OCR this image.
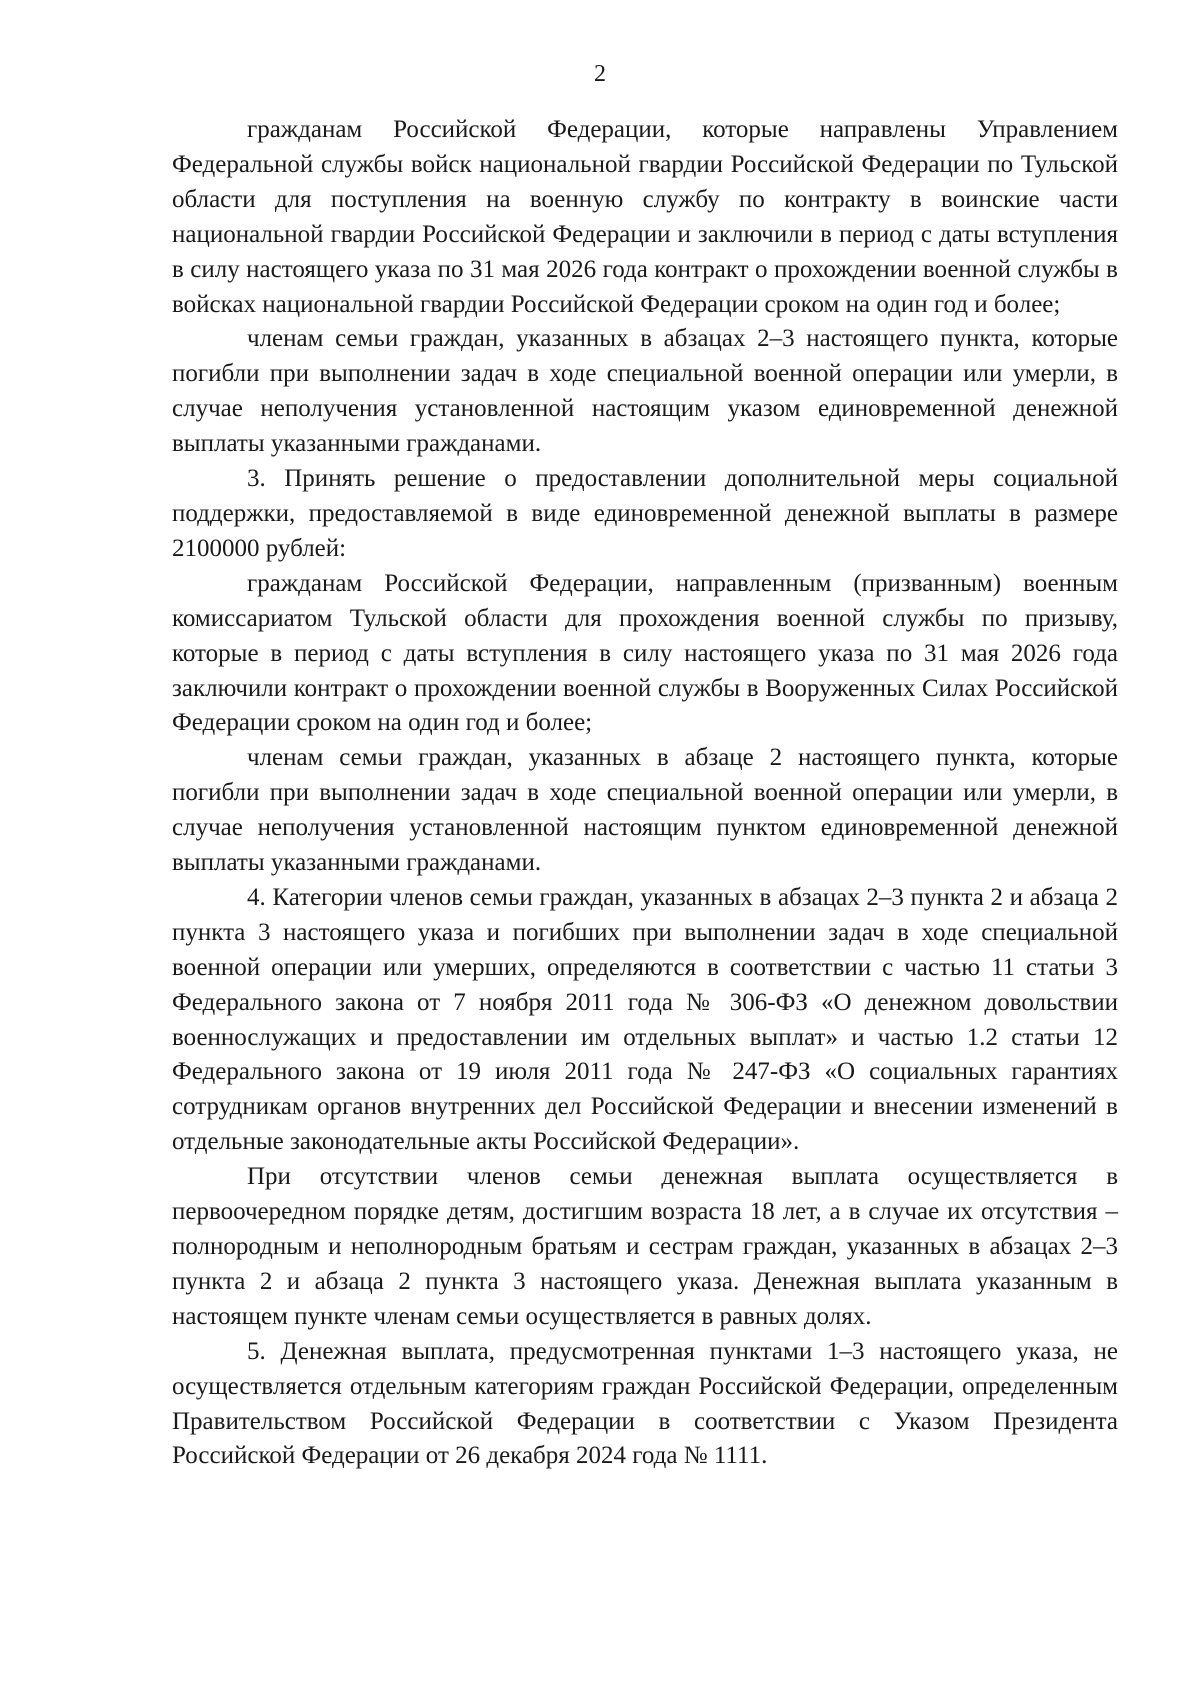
2

гражданам Российской Федерации, которые направлены Управлением Федеральной службы войск национальной гвардии Российской Федерации по Тульской области для поступления на военную службу по контракту в воинские части национальной гвардии Российской Федерации и заключили в период с даты вступления в силу настоящего указа по 31 мая 2026 года контракт о прохождении военной службы в войсках национальной гвардии Российской Федерации сроком на один год и более;

членам семьи граждан, указанных в абзацах 2–3 настоящего пункта, которые погибли при выполнении задач в ходе специальной военной операции или умерли, в случае неполучения установленной настоящим указом единовременной денежной выплаты указанными гражданами.

3. Принять решение о предоставлении дополнительной меры социальной поддержки, предоставляемой в виде единовременной денежной выплаты в размере 2100000 рублей:

гражданам Российской Федерации, направленным (призванным) военным комиссариатом Тульской области для прохождения военной службы по призыву, которые в период с даты вступления в силу настоящего указа по 31 мая 2026 года заключили контракт о прохождении военной службы в Вооруженных Силах Российской Федерации сроком на один год и более;

членам семьи граждан, указанных в абзаце 2 настоящего пункта, которые погибли при выполнении задач в ходе специальной военной операции или умерли, в случае неполучения установленной настоящим пунктом единовременной денежной выплаты указанными гражданами.

4. Категории членов семьи граждан, указанных в абзацах 2–3 пункта 2 и абзаца 2 пункта 3 настоящего указа и погибших при выполнении задач в ходе специальной военной операции или умерших, определяются в соответствии с частью 11 статьи 3 Федерального закона от 7 ноября 2011 года № 306-ФЗ «О денежном довольствии военнослужащих и предоставлении им отдельных выплат» и частью 1.2 статьи 12 Федерального закона от 19 июля 2011 года № 247-ФЗ «О социальных гарантиях сотрудникам органов внутренних дел Российской Федерации и внесении изменений в отдельные законодательные акты Российской Федерации».

При отсутствии членов семьи денежная выплата осуществляется в первоочередном порядке детям, достигшим возраста 18 лет, а в случае их отсутствия – полнородным и неполнородным братьям и сестрам граждан, указанных в абзацах 2–3 пункта 2 и абзаца 2 пункта 3 настоящего указа. Денежная выплата указанным в настоящем пункте членам семьи осуществляется в равных долях.

5. Денежная выплата, предусмотренная пунктами 1–3 настоящего указа, не осуществляется отдельным категориям граждан Российской Федерации, определенным Правительством Российской Федерации в соответствии с Указом Президента Российской Федерации от 26 декабря 2024 года № 1111.
